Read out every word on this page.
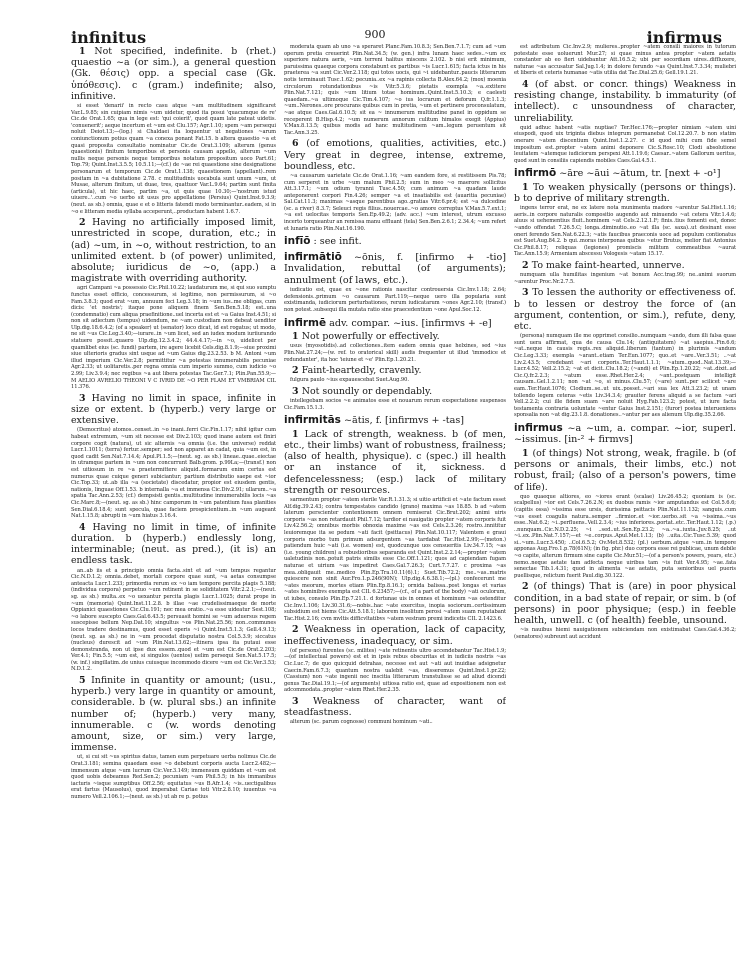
infinitus	900	infirmus

1 Not specified, indefinite. b (rhet.) quaestio ~a (or sim.), a general question (Gk. θέσις) opp. a special case (Gk. ὑπόθεσις). c (gram.) indefinite; also, infinitive.

si esset 'denarii' in recto casu atque ~am multitudinem significaret Var.L.9.85; sin cuipiam nimis ~um uidetur, quod ita posui 'quacumque de re' Cic.de Orat.1.65; qua in lege est: 'qui coierit', quod quam late pateat uidetis. 'conuenerit'; aeque incertum et ~um est Clu.157; Agr.1.10; spem ~am persequi noluit Deiot.13;—(log.) si Chaldaei ita loquentur ut negationes ~arum coniunctionum potius quam ~a conexa ponant Fat.15. b altera quaestio ~a et quasi proposita consultatio nominatur Cic.de Orat.3.109; alterum (genus quaestionis) finitum temporibus et personis causam appello, alterum ~um nullis neque personis neque temporibus notatum propositum uoco Part.61; Top.79; Quint.Inst.3.5.5; 10.5.11;—(cf.) de ~ae rei quaestione sine designatione personarum et temporum Cic.de Orat.1.138; quaestionem (appellant)..rem positam in ~a dubitatione 2.78. c multitudinis uocabula sunt unum ~um, ut Musae, alterum finitum, ut duae, tres, quattuor Var.L.9.64; partim sunt finita (articula), ut hic haec, partim ~a, ut quis quae 10.30;—'nostrum istud uiuere..'..cum ~o uerbo sit usus pro appellatione (Persius) Quint.Inst.9.3.9; (neut. as sb.) omnia, quae e et o litteris fatendi modo terminantur..eadem, si in ~o e litteram media syllaba acceperunt,..productam habent 1.6.7.

2 Having no artificially imposed limit, unrestricted in scope, duration, etc.; in (ad) ~um, in ~o, without restriction, to an unlimited extent. b (of power) unlimited, absolute; iuridicus de ~o, (app.) a magistrate with overriding authority.

agri Campani ~a possessio Cic.Phil.10.22; laudaturum me, si qui suo sumptu functus esset officio, concessurum, si legitimo, non permissurum, si ~o Fam.3.8.3; quod erat ~um, annuum feci Leg.3.18; in ~um ius..me obligas, cum dicis: 'et nostris'; itaque pone aliquem finem Sen.Ben.5.18; est..una (condemnatio) cum aliqua praefinitione..uel incerta est et ~a Gaius Inst.4.51; si non sit adiectum (tempus) uidendum, ne ~am custodiam non debeat uenditor Ulp.dig.18.6.4.2; (of a speaker) ut (senator) loco dicat, id est rogatus; ut modo, ne sit ~us Cic.Leg.3.40;—iurare..in ~um licet, sed an iudex modum iuriiurando statuere possit..quaero Ulp.dig.12.3.4.2; 44.4.4.17;—in ~o, uidelicet per quamlibet eius (sc. fundi) partem, ire agere licebit Cels.dig.8.1.9;—siue proximi siue ulterioris gradus sint usque ad ~um Gaius dig.23.2.53. b M. Antoni ~um illud imperium Cic.Ver.2.8; permittitur ~a potestas innumerabilis pecuniae Agr.2.33; ut uolitaretis..per regna omnia cum imperio summo, cum iudicio ~o 2.99; Liv.3.9.4; nec regibus ~a aut libera potestas Tac.Ger.7.1; Plin.Pan.55.9;—M AELIO AVRELIO THEONI V C IVRID DE ~O PER FLAM ET VMBRIAM CIL 11.376.

3 Having no limit in space, infinite in size or extent. b (hyperb.) very large or extensive.

(Democritus) atomos..censet..in ~o inani..ferri Cic.Fin.1.17; nihil igitur cum habeat extremum, ~um sit necesse est Div.2.103; quod inane autem est finiri corpore cogit (natura), ut sic alternis ~a omnia (i.e. the universe) reddat Lucr.1.1011; (terra) fertur..semper; sed non apparet an cadat, quia ~um est, in quod cadit Sen.Nat.7.14.4; Apul.Pl.1.5;—(neut. sg. as sb.) lineae..quae..eiectae in utramque partem in ~um non concurrunt Balb.grom. p.99La;—(transf.) non est uitiosum in re ~a praetermittere aliquid..formarum enim certus est numerus quae cuique generi subiciantur; partium distributio saepe est ~ior Cic.Top.33; ut..ab illa ~a (societate) discedatur, propior est eiusdem gentis, nationis, linguae Off.1.53. b internalla ~a et immensa Cic.Div.2.91; ullarum..~a spatia Tac.Ann.2.53; (cf.) dempsisti gentis..multitudine innumerabilis locis ~as Cic.Marc.8;—(neut. sg. as sb.) hinc camporum in ~um patentium fusa planities Sen.Dial.6.18.4; sunt specula, quae faciem prospicientium..in ~um augeant Nat.1.15.8; abrupti in ~um hiatus 3.16.4.

4 Having no limit in time, of infinite duration. b (hyperb.) endlessly long, interminable; (neut. as pred.), (it is) an endless task.

an..ab iis et a principio omnia facta..sint et ad ~um tempus regantur Cic.N.D.1.2; omnia..debet, mortali corpore quae sunt, ~a aetas consumpse anteacta Lucr.1.233; primordia rerum ex ~o iam tempore percita plagis 5.188; (individua corpora) perpetuo ~um retinent in se soliditatem Vitr.2.2.1;—(neut. sg. as sb.) multa..ex ~o uexantur percita plagis Lucr.1.1025; durat prope in ~um (memoria) Quint.Inst.11.2.8. b illae ~ae crudelissimaeque de morte Oppianici quaestiones Cic.Clu.191; nec mea oratio..~a esse uideatur Sest.108; ~o labore suscepto Caes.Gal.6.43.5; persuasit homini se ~um aduersus regem suscepisse bellum Nep.Dat.10; singultus ~os Plin.Nat.25.56; non..communes locos tradere destinamus, quod esset operis ~i Quint.Inst.5.1.3; Gell.4.9.13; (neut. sg. as sb.) ne in ~um procedat disputatio nostra Col.5.3.9; siccatus (nucleus) durescit ad ~um Plin.Nat.13.62;—itinera ipsa ita putaui esse demonstranda, non ut ipse dux essem..quod et ~um est Cic.de Orat.2.203; Ver.4.1; Fin.5.5; ~um est, si singulos (uentos) uelim persequi Sen.Nat.5.17.5; (w. inf.) singillatim..de unius cuiusque incommodo dicere ~um est Cic.Ver.3.53; N.D.1.2.

5 Infinite in quantity or amount; (usu., hyperb.) very large in quantity or amount, considerable. b (w. plural sbs.) an infinite number of; (hyperb.) very many, innumerable. c (w. words denoting amount, size, or sim.) very large, immense.

ut, si cui sit ~us spiritus datus, tamen eum perpetuare uerba nolimus Cic.de Orat.3.181; semina quaedam esse ~o debebunt corporis aucta Lucr.2.482;—immensum atque ~um lucrum Cic.Ver.3.149; immensum quiddam et ~um est quod uobis debeamus Red.Sen.2; pecuniam ~am Phil.5.5; in his immanibus iacturis ~isque sumptibus Off.2.56; equitatus ~us B.Afr.1.4; ~is..uectigalibus erat fartus (Mausolus), quod imperabat Cariae toti Vitr.2.8.10; iuuentus ~a numero Vell.2.106.1;—(neut. as sb.) ut ab re p. potius

moderata quam ab uno ~a speraret Planc.Fam.10.8.3; Sen.Ben.7.1.7; cum ad ~um operum pretia creuerint Plin.Nat.34.5; (w. gen.) infra lunam haec sedes..~um ex superiore natura aeris, ~um terreni halitus miscens 2.102. b nisi erit minimum, paruissima quaeque corpora constabunt ex partibus ~is Lucr.1.615; facta ictus in his praeterea ~a sunt Cic.Ver.2.118; qui totos uocis, qui ~i uidebantur..paucis litterarum notis terminauit Tusc.1.62; pecunia..ex ~a rapinis collecta B.Alex.64.2; (mox) moenia circulorum rotundationibus ~is Vitr.5.3.6; pietatis exempla ~a..extitere Plin.Nat.7.121; quis ~um litium totae hominum..Quint.Inst.5.10.3; e caelesti quaedam..~a ultimoque Cic.Tim.4.107; ~o ius locrarum et deforum Q.fr.1.1.3; ~um..Nerones..ore procurans quibus cum in pretia, ~um et pertinere proconsulatum, ~ae atque Caes.Gal.6.10.5; sit ea ~ innumerum multitudine panel in oppidum se receperent B.Hisp.4.2; ~um numerum annorum culitum himalos exegit (Appius) V.Max.8.13.5; quibus modis ad hanc multitudinem ~am..legum peruentum sit Tac.Ann.3.25.

6 (of emotions, qualities, activities, etc.) Very great in degree, intense, extreme, boundless, etc.

~a causarum uarietate Cic.de Orat.1.16; ~am eandem fore, si restitissem Pis.78; cum serperet in urbe ~um malum Phil.2.5; sum in meo ~o maerore sollicitus Att.3.17.1; ~um odium tyranni Tusc.4.50; cum animum ~a quadam laude anteponerent corpori Fin.4.26; semper ~a et insatiabilis est (auaritia pecuniae) Sal.Cat.11.3; maximas ~asque parentibus ago..gratias Vitr.6.pr.4; est ~a dulcedine (sc. a river) 8.3.7; Seleuci regis filius..nouercae..~o amore correptus V.Max.5.7.ext.1; ~a est uelocitas temporis Sen.Ep.49.2; (adv. acc.) ~um interest, utrum excusso incerto torqueantur an remissa manu effluant (tela) Sen.Ben.2.6.1; 2.34.4; ~um refert et lunaris ratio Plin.Nat.16.190.

infīō : see infit.

infirmātiō ~ōnis, f. [infirmo + -tio] Invalidation, rebuttal (of arguments); annulment (of laws, etc.).

iudicatio est, quae ex ~one rationis nascitur controuersia Cic.Inv.1.18; 2.64; defensionis..primum ~o causarum Part.119;—neque uero illa popularia sunt existimanda, iudiciorum perturbationes, rerum iudicatarum ~ones Agr.2.10; (transf.) non potest..subsequi illa mutata ratio sine praecedentium ~one Apul.Soc.12.

infirmē adv. compar. ~ius. [infirmvs + -e]

1 Not powerfully or effectively.

usus (myosotidis)..ad collectiones..item eadem omnia quae helxines, sed ~ius Plin.Nat.27.24;—(w. ref. to oratorical skill) audis frequenter ut illud 'immodice et redundanter', ita hoc 'ieiune et ~e' Plin.Ep.1.20.21.

2 Faint-heartedly, cravenly.

fulgura paulo ~ius expauescebat Suet.Aug.90.

3 Not soundly or dependably.

intellegebam socios ~e animatos esse et nouarum rerum exspectatione suspensos Cic.Fam.15.1.3.

infirmitās ~ātis, f. [infirmvs + -tas]

1 Lack of strength, weakness. b (of men, etc., their limbs) want of robustness, frailness; (also of health, physique). c (spec.) ill health or an instance of it, sickness. d defencelessness; (esp.) lack of military strength or resources.

sarmentum propter ~atem sterile Var.R.1.31.3; si uitio artificii et ~ate factum esset Alf.dig.39.2.43; contra tempestates candido (grano) maxima ~as 18.85. b ad ~atem laterum perscienter contentionem omnem remiserat Cic.Brut.202; animi uiris corporis ~as non retardauit Phil.7.12; tardior ei nauigatio propter ~atem corporis fuit Liv.42.56.2; omnibus morbis obnoxia maxime ~as est Cels.2.3.26; rostro..innititur leuioremque ita se pedum ~ati facit (psittacus) Plin.Nat.10.117; Valentem e graui corporis morbo tum primum adsurgentem ~as tardabat Tac.Hist.2.99;—(meton.) patiendum huic ~ati (i.e. women) est, quodcunque uos censueritis Liv.34.7.15; ~as (i.e. young children) a robustioribus separanda est Quint.Inst.2.2.14;—propter ~atem ualetudinis non..potuit patris similis esse Cic.Off.1.121; quos ad capiendam fugam naturae et uirium ~as impediret Caes.Gal.7.26.3; Curt.7.7.27. c proxima ~as mea..obligauit me..medico Plin.Ep.Tra.10.11(6).1; Suet.Tib.72.2; me..~as..matris quiescere non sinit Aur.Fro.1.p.246(90N); Ulp.dig.4.6.38.1;—(pl.) confecerunt me ~ates meorum, mortes etiam Plin.Ep.8.16.1; ornida balissa..post longas et varias ~ates hominibvs exempta est CIL 6.23457;—(cf., of a part of the body) ~ati oculorum, ut iubes, consulo Plin.Ep.7.21.1. d fortunae uis in omnes et hominum ~as ostenditur Cic.Inv.1.106; Liv.30.31.6;—nobis..hac ~ate exercitus, inopia sociorum..certissimum subsidium est hiems Cic.Att.5.18.1; laborem insolitum perosi ~atem suam reputabant Tac.Hist.2.16; cvm mvltis difficvltatibvs ~atem vestram premi indicetis CIL 2.1423.6.

2 Weakness in operation, lack of capacity, ineffectiveness, inadequacy, or sim.

(of persons) furentes (sc. milites) ~ate retinentis ultro accendebantur Tac.Hist.1.9;—(of intellectual powers) est et in ipsis rebus obscuritas et in iudiciis nostris ~as Cic.Luc.7; de quo quicquid detrahas, necesse est aut ~ati aut inuidiae adsignetur Caecin.Fam.6.7.3; quantum nostra ualebit ~as, disseremus Quint.Inst.1.pr.22; (Cassium) non ~ate ingenii nec inscitia litterarum transtulisse se ad aliud dicendi genus Tac.Dial.19.1;—(of arguments) uitiosa ratio est, quae ad expositionem non est adcommodata..propter ~atem Rhet.Her.2.35.

3 Weakness of character, want of steadfastness.

alterum (sc. parum cognosse) communi hominum ~ati..

est adtributum Cic.Inv.2.9; mulieres..propter ~atem consili maiores in tutorum potestate esse uoluerunt Mur.27; si quae minus antea propter ~atem aetatis constanter ab eo fieri uidebantur Att.16.5.2; ubi per socordiam uires..diffluxere, naturae ~as accusatur Sal.Jug.1.4; in dolore ferundo ~as Quint.Inst.7.3.34; muliebri et liberis et ceteris humanae ~atis utilia dat Tac.Dial.25.6; Gell.19.1.21.

4 (of abst. or concr. things) Weakness in resisting change, instability. b immaturity (of intellect). c unsoundness of character, unreliability.

quid adhuc habent ~atis nuptiae? Ter.Hec.176;—propter nimiam ~atem uini eiuspodi, quod uix triginta diebus integrum permanebat Col.12.20.7. b non statim onerare ~atem discentium Quint.Inst.1.2.27. c id quod mihi cum fide semel impositum est..propter ~atem animi deponere Cic.S.Rosc.10; Clodi absolutione leuitatem ~atemque iudiciorum perspexi Att.1.19.6; Caesar..~atem Gallorum ueritus, quod sunt in consiliis capiendis mobiles Caes.Gal.4.5.1.

infirmō ~āre ~āui ~ātum, tr. [next + -o¹]

1 To weaken physically (persons or things). b to deprive of military strength.

ingens terror erat, ne ex latere nota munimenta madore ~arentur Sal.Hist.1.16; aeris..in corpore naturalis compositio augendo aut minuendo ~at cetera Vitr.1.4.6; aluus si uehementius fluit..hominem ~at Cels.2.12.1.F; finis..tius fomenti est, donec ~ando offendat 7.26.5.C; longa..diminutio..eo ~at illa (sc. saxa)..ut desinant esse oneri ferendo Sen.Nat.6.22.3; ~atis faucibus praeconis uoce ad populum contionatus est Suet.Aug.84.2. b qui..moras interponas quibus ~etur Brutus, melior fiat Antonius Cic.Phil.8.17; reliquas (legiones) promiscis militum commeatibus ~aurat Tac.Ann.15.9; Armeniam abscessu Vologesis ~atam 15.17.

2 To make faint-hearted, unnerve.

numquam ulla humilitas ingenium ~at bonum Acc.trag.99; ne..animi suorum ~arentur Proc.Nr.2.7.5.

3 To lessen the authority or effectiveness of. b to lessen or destroy the force of (an argument, contention, or sim.), refute, deny, etc.

(persona) numquam ille me opprimet consilio..numquam ~ando, dum illi falsa quae sunt uera affirmat, qua de causa Clu.14; (antiquitatem) ~at saepius..Fin.6.6; ~at..neque in causis regis..rex aliquid..liberum (tantum) in plurimis ~andum Cic.Leg.3.33; exempla ~arant..etiam Ter.Eun.1077; quo..et ~are..Ver.3.51; ..~at Liv.2.43.5; credebant ~ari corporis..Ter.Haut.1.1.1; ~atum..quod..Nat.13.39;—Lucr.4.52; Vell.2.15.2; ~at et dicit..Clu.18.2; (~andi) et Plin.Ep.1.20.22; ~at..dixit..ad Cic.Q.fr.2.2.3; ~atum esse..Rhet.Her.2.4; ~ant..postquam intelligit causam..Gel.1.2.11; non ~at ~o, si minus..Clu.57; (~are) sunt..per scilicet ~are eam..Ter.Haut.1076; Clodium..se..ut uix..posset..~ari sua lex Att.3.23.2; ut unam tollendo legem ceteras ~etis Liv.34.3.4; grauiter ferens aliquid a se factum ~ari Vell.2.2.2; cui ille fidem suam ~are noluit Hyg.Fab.123.2; potest, ut iure facta testamenta contraria uoluntate ~entur Gaius Inst.2.151; (furor) postea interueniens sponsalia non ~at dig.23.1.8. donationes..~antur per aes alienum Ulp.dig.35.2.66.

infirmus ~a ~um, a. compar. ~ior, superl. ~issimus. [in-² + firmvs]

1 (of things) Not strong, weak, fragile. b (of persons or animals, their limbs, etc.) not robust, frail; (also of a person's powers, time of life).

quo quaeque altiores, eo ~iores erant (scalae) Liv.26.45.2; quoniam is (sc. scalpellus) ~ior est Cels.7.26.2.N; ex duobus ramis ~ior amputandus est Col.5.6.6; (capitis ossa) ~issima esse ursis, durissima psittacis Plin.Nat.11.132; sanguis..cum ~us esset coagulis natura..semper ..firmior..et ~ior..uerbo..sit ~a ~issima..~us esse..Nat.6.2; ~i..perfluens..Vell.2.3.4; ~ius inferiores..portat..etc..Ter.Haut.1.12; (.p.) ..nunquam..Cic.N.D.2.25; ~i ..sed..ut..Sen.Ep.23.2; ~a..~a..iuxta..Juv.8.25; ..ut ~i..ex..Plin.Nat.7.157;—et ~e..corpus..Apul.Met.1.13; (b) ..uita..Cic.Tusc.5.39; quod si..~um..Lucr.3.450; ..Col.6.5.2; Ov.Met.8.532; (pl.) uerbum..atque ~um..in tempore apponas Aug.Fro.1.p.78(61N); (in fig. phr.) duo corpora esse rei publicae, unum debile ~o capite, alterum firmum sine capite Cic.Mur.51;—(of a person's powers, years, etc.) nemo..neque aetate tam adfecta neque uiribus tam ~is fuit Ver.4.95; ~ae..fata senectae Tib.1.4.31; quod in alimenta ~ae aetatis, puta senioribus uel pueris puellisque, relictum fuerit Paul.dig.30.122.

2 (of things) That is (are) in poor physical condition, in a bad state of repair, or sim. b (of persons) in poor physique; (esp.) in feeble health, unwell. c (of health) feeble, unsound.

~is nauibus hiemi nauigationem subiciendam non existimabat Caes.Gal.4.36.2; (senatores) subreunt aut accidunt
